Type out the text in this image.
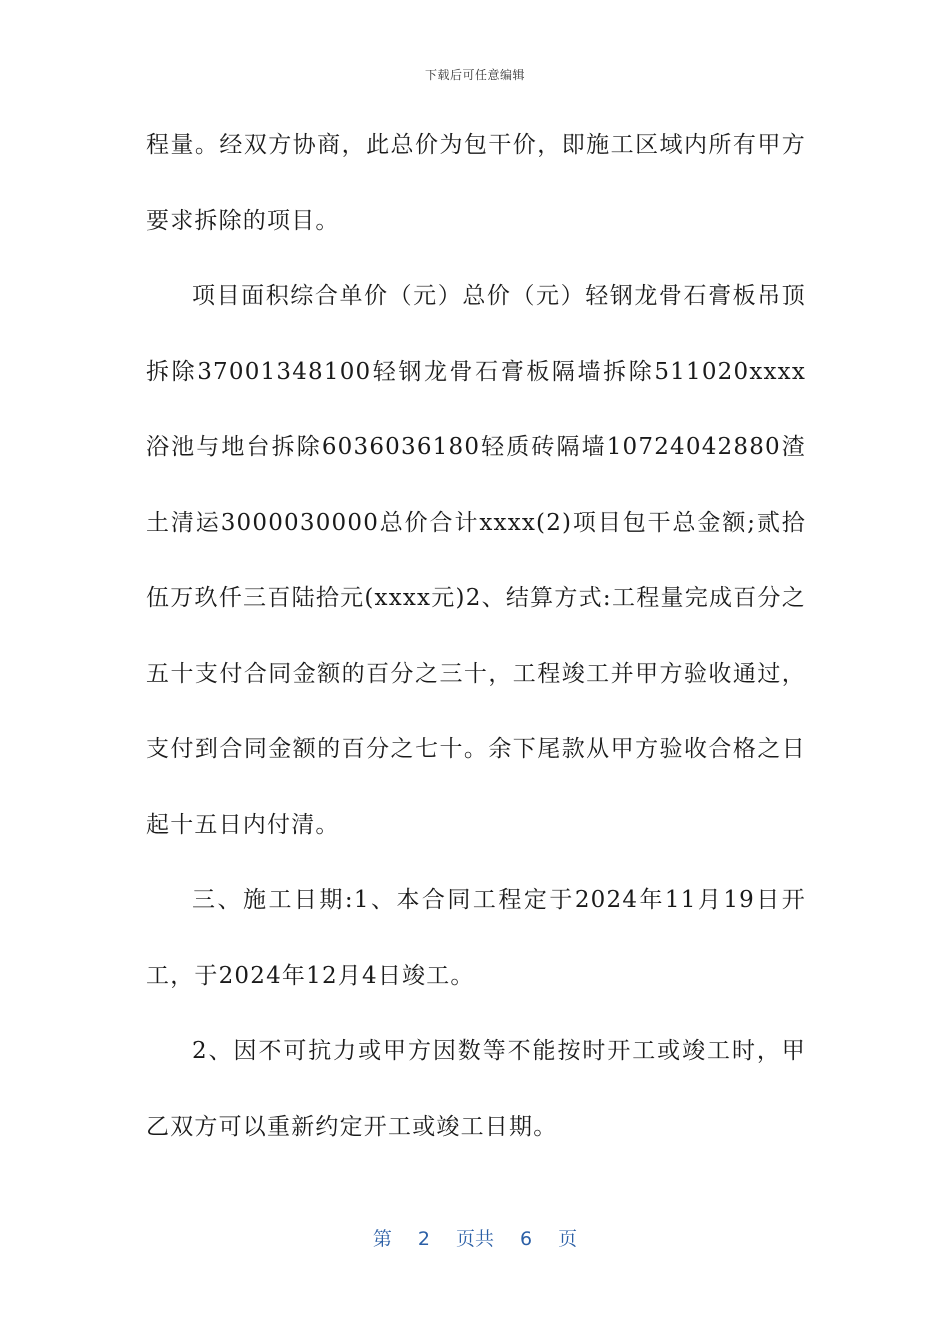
下载后可任意编辑

程量。经双方协商，此总价为包干价，即施工区域内所有甲方要求拆除的项目。

项目面积综合单价（元）总价（元）轻钢龙骨石膏板吊顶拆除37001348100轻钢龙骨石膏板隔墙拆除511020xxxx浴池与地台拆除6036036180轻质砖隔墙10724042880渣土清运3000030000总价合计xxxx(2)项目包干总金额;贰拾伍万玖仟三百陆拾元(xxxx元)2、结算方式:工程量完成百分之五十支付合同金额的百分之三十，工程竣工并甲方验收通过，支付到合同金额的百分之七十。余下尾款从甲方验收合格之日起十五日内付清。

三、施工日期:1、本合同工程定于2024年11月19日开工，于2024年12月4日竣工。

2、因不可抗力或甲方因数等不能按时开工或竣工时，甲乙双方可以重新约定开工或竣工日期。

第 2 页共 6 页
